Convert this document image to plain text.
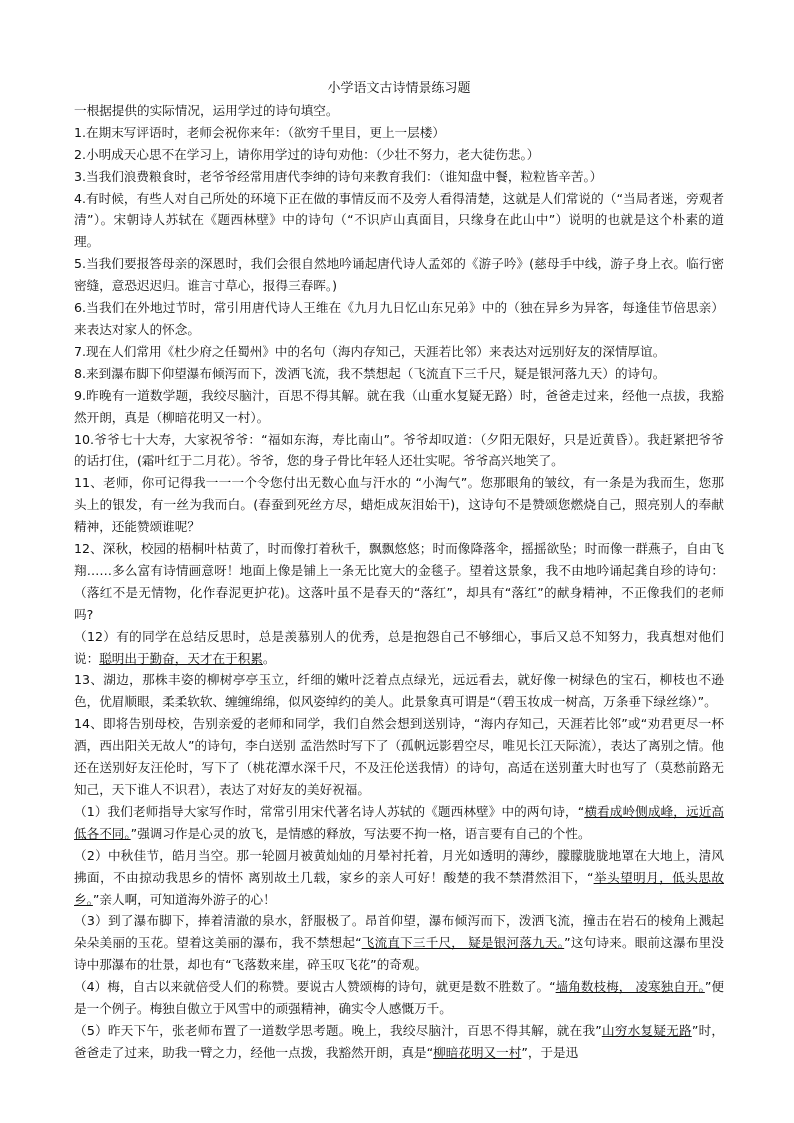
小学语文古诗情景练习题

一根据提供的实际情况，运用学过的诗句填空。

1.在期末写评语时，老师会祝你来年：（欲穷千里目，更上一层楼）

2.小明成天心思不在学习上，请你用学过的诗句劝他：（少壮不努力，老大徒伤悲。）

3.当我们浪费粮食时，老爷爷经常用唐代李绅的诗句来教育我们：（谁知盘中餐，粒粒皆辛苦。）

4.有时候，有些人对自己所处的环境下正在做的事情反而不及旁人看得清楚，这就是人们常说的（“当局者迷，旁观者清”）。宋朝诗人苏轼在《题西林壁》中的诗句（“不识庐山真面目，只缘身在此山中”）说明的也就是这个朴素的道理。

5.当我们要报答母亲的深恩时，我们会很自然地吟诵起唐代诗人孟郊的《游子吟》(慈母手中线，游子身上衣。临行密密缝，意恐迟迟归。谁言寸草心，报得三春晖。)

6.当我们在外地过节时，常引用唐代诗人王维在《九月九日忆山东兄弟》中的（独在异乡为异客，每逢佳节倍思亲）来表达对家人的怀念。

7.现在人们常用《杜少府之任蜀州》中的名句（海内存知己，天涯若比邻）来表达对远别好友的深情厚谊。

8.来到瀑布脚下仰望瀑布倾泻而下，泼洒飞流，我不禁想起（飞流直下三千尺，疑是银河落九天）的诗句。

9.昨晚有一道数学题，我绞尽脑汁，百思不得其解。就在我（山重水复疑无路）时，爸爸走过来，经他一点拔，我豁然开朗，真是（柳暗花明又一村）。

10.爷爷七十大寿，大家祝爷爷：“福如东海，寿比南山”。爷爷却叹道：（夕阳无限好，只是近黄昏）。我赶紧把爷爷的话打住，(霜叶红于二月花）。爷爷，您的身子骨比年轻人还壮实呢。爷爷高兴地笑了。

11、老师，你可记得我一一一个令您付出无数心血与汗水的 “小淘气”。您那眼角的皱纹，有一条是为我而生，您那头上的银发，有一丝为我而白。(春蚕到死丝方尽，蜡炬成灰泪始干)，这诗句不是赞颂您燃烧自己，照亮别人的奉献精神，还能赞颂谁呢？

12、深秋，校园的梧桐叶枯黄了，时而像打着秋千，飘飘悠悠；时而像降落伞，摇摇欲坠；时而像一群燕子，自由飞翔……多么富有诗情画意呀！地面上像是铺上一条无比宽大的金毯子。望着这景象，我不由地吟诵起龚自珍的诗句：（落红不是无情物，化作春泥更护花)。这落叶虽不是春天的“落红”，却具有“落红”的献身精神，不正像我们的老师吗?

（12）有的同学在总结反思时，总是羡慕别人的优秀，总是抱怨自己不够细心，事后又总不知努力，我真想对他们说：聪明出于勤奋，天才在于积累。

13、湖边，那株丰姿的柳树亭亭玉立，纤细的嫩叶泛着点点绿光，远远看去，就好像一树绿色的宝石，柳枝也不逊色，优眉顺眼，柔柔软软、缠缠绵绵，似风姿绰约的美人。此景象真可谓是“（碧玉妆成一树高，万条垂下绿丝绦）”。

14、即将告别母校，告别亲爱的老师和同学，我们自然会想到送别诗，“海内存知己，天涯若比邻”或“劝君更尽一杯酒，西出阳关无故人”的诗句，李白送别 孟浩然时写下了（孤帆远影碧空尽，唯见长江天际流），表达了离别之情。他还在送别好友汪伦时，写下了（桃花潭水深千尺，不及汪伦送我情）的诗句，高适在送别董大时也写了（莫愁前路无知己，天下谁人不识君），表达了对好友的美好祝福。

（1）我们老师指导大家写作时，常常引用宋代著名诗人苏轼的《题西林壁》中的两句诗，“横看成岭侧成峰，远近高低各不同。”强调习作是心灵的放飞，是情感的释放，写法要不拘一格，语言要有自己的个性。

（2）中秋佳节，皓月当空。那一轮圆月被黄灿灿的月晕衬托着，月光如透明的薄纱，朦朦胧胧地罩在大地上，清风拂面，不由掠动我思乡的情怀 离别故土几载，家乡的亲人可好！酸楚的我不禁潸然泪下，“举头望明月，低头思故乡。”亲人啊，可知道海外游子的心！

（3）到了瀑布脚下，捧着清澈的泉水，舒服极了。昂首仰望，瀑布倾泻而下，泼洒飞流，撞击在岩石的棱角上溅起朵朵美丽的玉花。望着这美丽的瀑布，我不禁想起“飞流直下三千尺， 疑是银河落九天。”这句诗来。眼前这瀑布里没诗中那瀑布的壮景，却也有“飞落数来崖，碎玉叹飞花”的奇观。

（4）梅，自古以来就倍受人们的称赞。要说古人赞颂梅的诗句，就更是数不胜数了。“墙角数枝梅， 凌寒独自开。”便是一个例子。梅独自傲立于风雪中的顽强精神，确实令人感慨万千。

（5）昨天下午，张老师布置了一道数学思考题。晚上，我绞尽脑汁，百思不得其解，就在我”山穷水复疑无路”时，爸爸走了过来，助我一臂之力，经他一点拨，我豁然开朗，真是“柳暗花明又一村”，于是迅
